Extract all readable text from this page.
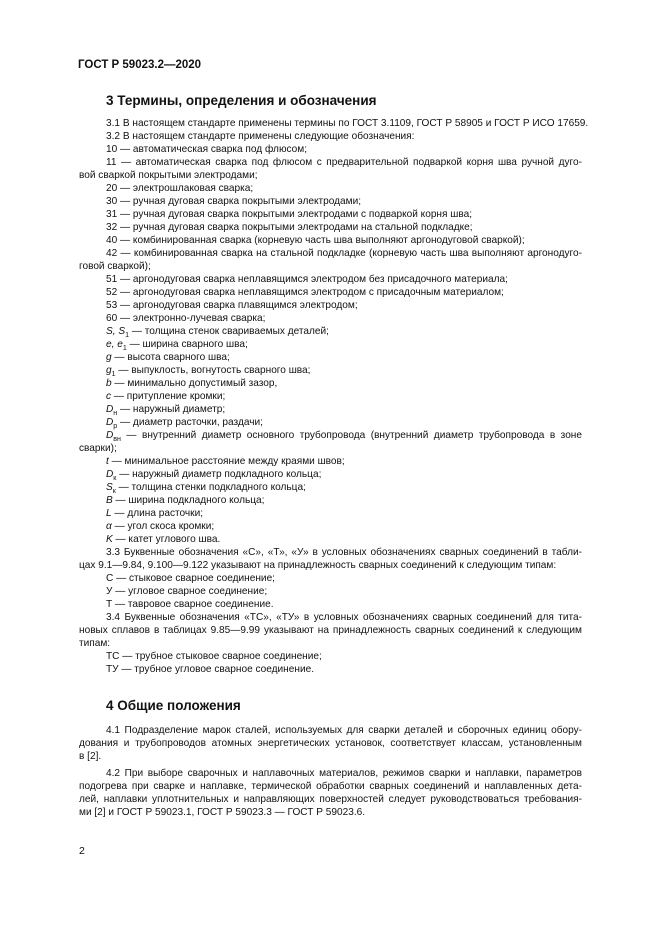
ГОСТ Р 59023.2—2020
3 Термины, определения и обозначения
3.1 В настоящем стандарте применены термины по ГОСТ 3.1109, ГОСТ Р 58905 и ГОСТ Р ИСО 17659.
3.2 В настоящем стандарте применены следующие обозначения:
10 — автоматическая сварка под флюсом;
11 — автоматическая сварка под флюсом с предварительной подваркой корня шва ручной дуго-
вой сваркой покрытыми электродами;
20 — электрошлаковая сварка;
30 — ручная дуговая сварка покрытыми электродами;
31 — ручная дуговая сварка покрытыми электродами с подваркой корня шва;
32 — ручная дуговая сварка покрытыми электродами на стальной подкладке;
40 — комбинированная сварка (корневую часть шва выполняют аргонодуговой сваркой);
42 — комбинированная сварка на стальной подкладке (корневую часть шва выполняют аргонодуго-
говой сваркой);
51 — аргонодуговая сварка неплавящимся электродом без присадочного материала;
52 — аргонодуговая сварка неплавящимся электродом с присадочным материалом;
53 — аргонодуговая сварка плавящимся электродом;
60 — электронно-лучевая сварка;
S, $S_1$ — толщина стенок свариваемых деталей;
e, $e_1$ — ширина сварного шва;
g — высота сварного шва;
$g_1$ — выпуклость, вогнутость сварного шва;
b — минимально допустимый зазор,
c — притупление кромки;
$D_н$ — наружный диаметр;
$D_р$ — диаметр расточки, раздачи;
$D_{вн}$ — внутренний диаметр основного трубопровода (внутренний диаметр трубопровода в зоне
сварки);
t — минимальное расстояние между краями швов;
$D_к$ — наружный диаметр подкладного кольца;
$S_к$ — толщина стенки подкладного кольца;
B — ширина подкладного кольца;
L — длина расточки;
α — угол скоса кромки;
K — катет углового шва.
3.3 Буквенные обозначения «С», «Т», «У» в условных обозначениях сварных соединений в табли-
цах 9.1—9.84, 9.100—9.122 указывают на принадлежность сварных соединений к следующим типам:
С — стыковое сварное соединение;
У — угловое сварное соединение;
Т — тавровое сварное соединение.
3.4 Буквенные обозначения «ТС», «ТУ» в условных обозначениях сварных соединений для тита-
новых сплавов в таблицах 9.85—9.99 указывают на принадлежность сварных соединений к следующим
типам:
ТС — трубное стыковое сварное соединение;
ТУ — трубное угловое сварное соединение.
4 Общие положения
4.1 Подразделение марок сталей, используемых для сварки деталей и сборочных единиц обору-
дования и трубопроводов атомных энергетических установок, соответствует классам, установленным
в [2].
4.2 При выборе сварочных и наплавочных материалов, режимов сварки и наплавки, параметров
подогрева при сварке и наплавке, термической обработки сварных соединений и наплавленных дета-
лей, наплавки уплотнительных и направляющих поверхностей следует руководствоваться требования-
ми [2] и ГОСТ Р 59023.1, ГОСТ Р 59023.3 — ГОСТ Р 59023.6.
2
